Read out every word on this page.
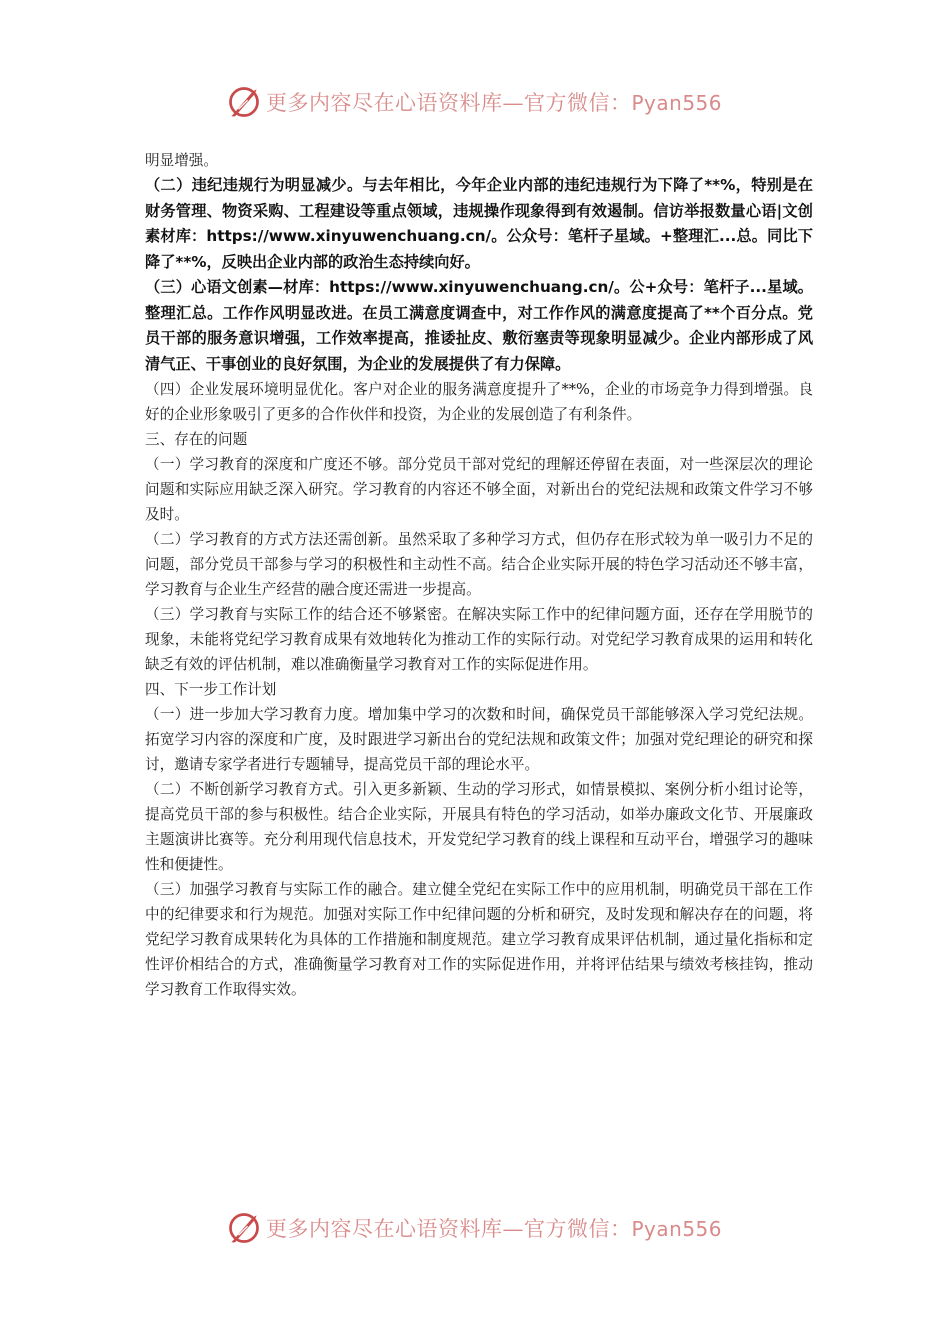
更多内容尽在心语资料库—官方微信：Pyan556

明显增强。

（二）违纪违规行为明显减少。与去年相比，今年企业内部的违纪违规行为下降了**%，特别是在财务管理、物资采购、工程建设等重点领域，违规操作现象得到有效遏制。信访举报数量心语|文创素材库：https://www.xinyuwenchuang.cn/。公众号：笔杆子星域。+整理汇...总。同比下降了**%，反映出企业内部的政治生态持续向好。

（三）心语文创素—材库：https://www.xinyuwenchuang.cn/。公+众号：笔杆子...星域。整理汇总。工作作风明显改进。在员工满意度调查中，对工作作风的满意度提高了**个百分点。党员干部的服务意识增强，工作效率提高，推诿扯皮、敷衍塞责等现象明显减少。企业内部形成了风清气正、干事创业的良好氛围，为企业的发展提供了有力保障。

（四）企业发展环境明显优化。客户对企业的服务满意度提升了**%，企业的市场竞争力得到增强。良好的企业形象吸引了更多的合作伙伴和投资，为企业的发展创造了有利条件。

三、存在的问题

（一）学习教育的深度和广度还不够。部分党员干部对党纪的理解还停留在表面，对一些深层次的理论问题和实际应用缺乏深入研究。学习教育的内容还不够全面，对新出台的党纪法规和政策文件学习不够及时。

（二）学习教育的方式方法还需创新。虽然采取了多种学习方式，但仍存在形式较为单一吸引力不足的问题，部分党员干部参与学习的积极性和主动性不高。结合企业实际开展的特色学习活动还不够丰富，学习教育与企业生产经营的融合度还需进一步提高。

（三）学习教育与实际工作的结合还不够紧密。在解决实际工作中的纪律问题方面，还存在学用脱节的现象，未能将党纪学习教育成果有效地转化为推动工作的实际行动。对党纪学习教育成果的运用和转化缺乏有效的评估机制，难以准确衡量学习教育对工作的实际促进作用。

四、下一步工作计划

（一）进一步加大学习教育力度。增加集中学习的次数和时间，确保党员干部能够深入学习党纪法规。拓宽学习内容的深度和广度，及时跟进学习新出台的党纪法规和政策文件；加强对党纪理论的研究和探讨，邀请专家学者进行专题辅导，提高党员干部的理论水平。

（二）不断创新学习教育方式。引入更多新颖、生动的学习形式，如情景模拟、案例分析小组讨论等，提高党员干部的参与积极性。结合企业实际，开展具有特色的学习活动，如举办廉政文化节、开展廉政主题演讲比赛等。充分利用现代信息技术，开发党纪学习教育的线上课程和互动平台，增强学习的趣味性和便捷性。

（三）加强学习教育与实际工作的融合。建立健全党纪在实际工作中的应用机制，明确党员干部在工作中的纪律要求和行为规范。加强对实际工作中纪律问题的分析和研究，及时发现和解决存在的问题，将党纪学习教育成果转化为具体的工作措施和制度规范。建立学习教育成果评估机制，通过量化指标和定性评价相结合的方式，准确衡量学习教育对工作的实际促进作用，并将评估结果与绩效考核挂钩，推动学习教育工作取得实效。

更多内容尽在心语资料库—官方微信：Pyan556
